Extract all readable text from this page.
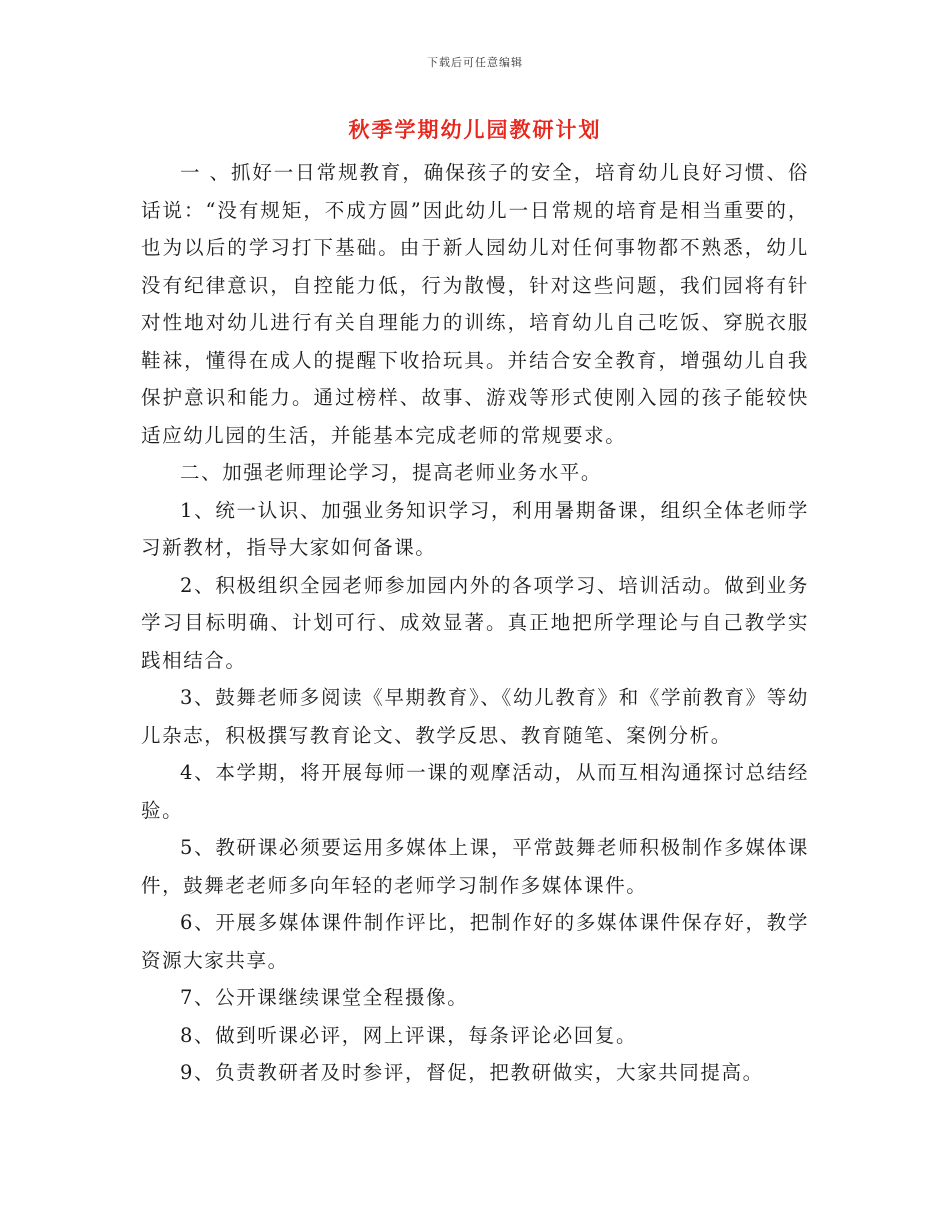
下载后可任意编辑
秋季学期幼儿园教研计划

一 、抓好一日常规教育，确保孩子的安全，培育幼儿良好习惯、俗话说：“没有规矩，不成方圆”因此幼儿一日常规的培育是相当重要的，也为以后的学习打下基础。由于新人园幼儿对任何事物都不熟悉，幼儿没有纪律意识，自控能力低，行为散慢，针对这些问题，我们园将有针对性地对幼儿进行有关自理能力的训练，培育幼儿自己吃饭、穿脱衣服鞋袜，懂得在成人的提醒下收拾玩具。并结合安全教育，增强幼儿自我保护意识和能力。通过榜样、故事、游戏等形式使刚入园的孩子能较快适应幼儿园的生活，并能基本完成老师的常规要求。

二、加强老师理论学习，提高老师业务水平。

1、统一认识、加强业务知识学习，利用暑期备课，组织全体老师学习新教材，指导大家如何备课。

2、积极组织全园老师参加园内外的各项学习、培训活动。做到业务学习目标明确、计划可行、成效显著。真正地把所学理论与自己教学实践相结合。

3、鼓舞老师多阅读《早期教育》、《幼儿教育》和《学前教育》等幼儿杂志，积极撰写教育论文、教学反思、教育随笔、案例分析。

4、本学期，将开展每师一课的观摩活动，从而互相沟通探讨总结经验。

5、教研课必须要运用多媒体上课，平常鼓舞老师积极制作多媒体课件，鼓舞老老师多向年轻的老师学习制作多媒体课件。

6、开展多媒体课件制作评比，把制作好的多媒体课件保存好，教学资源大家共享。

7、公开课继续课堂全程摄像。

8、做到听课必评，网上评课，每条评论必回复。

9、负责教研者及时参评，督促，把教研做实，大家共同提高。
